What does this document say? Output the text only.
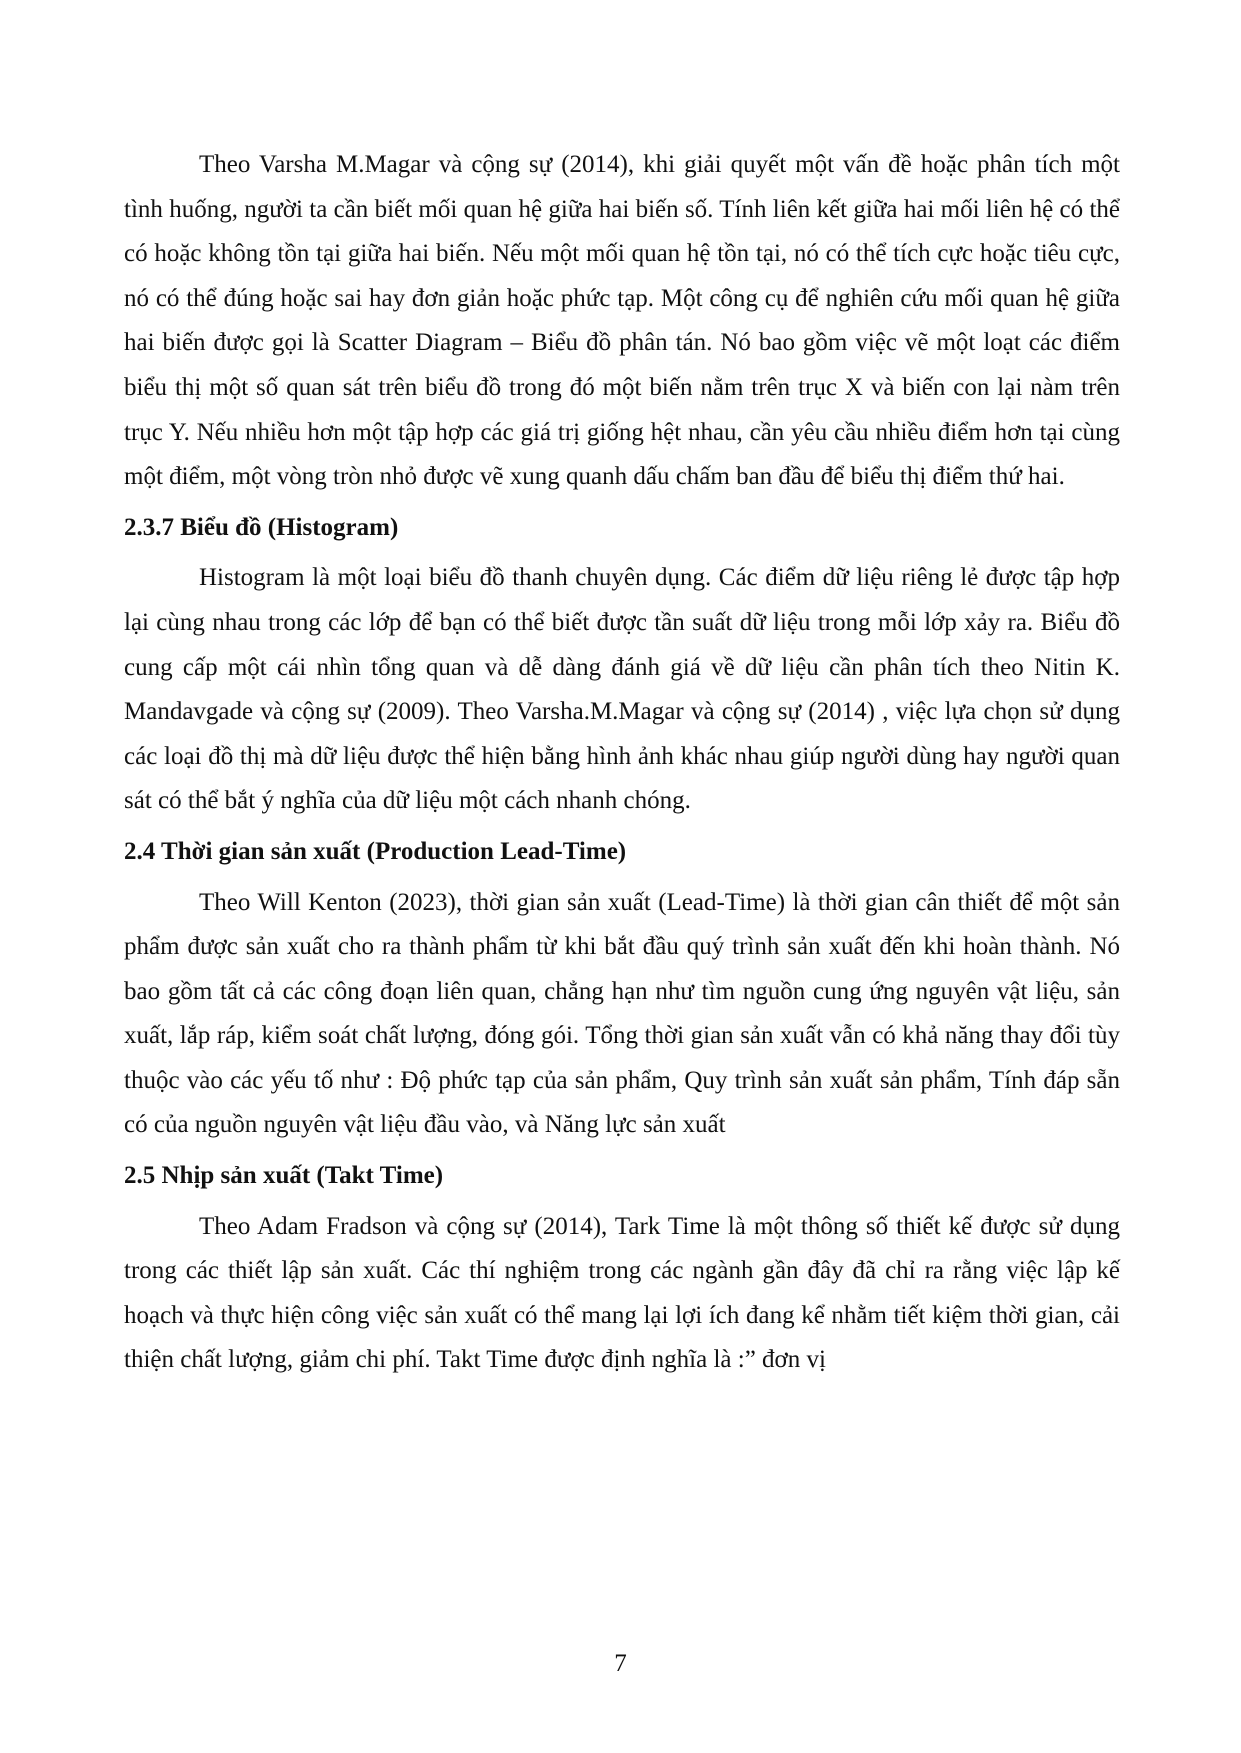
Theo Varsha M.Magar và cộng sự (2014), khi giải quyết một vấn đề hoặc phân tích một tình huống, người ta cần biết mối quan hệ giữa hai biến số. Tính liên kết giữa hai mối liên hệ có thể có hoặc không tồn tại giữa hai biến. Nếu một mối quan hệ tồn tại, nó có thể tích cực hoặc tiêu cực, nó có thể đúng hoặc sai hay đơn giản hoặc phức tạp. Một công cụ để nghiên cứu mối quan hệ giữa hai biến được gọi là Scatter Diagram – Biểu đồ phân tán. Nó bao gồm việc vẽ một loạt các điểm biểu thị một số quan sát trên biểu đồ trong đó một biến nằm trên trục X và biến con lại nàm trên trục Y. Nếu nhiều hơn một tập hợp các giá trị giống hệt nhau, cần yêu cầu nhiều điểm hơn tại cùng một điểm, một vòng tròn nhỏ được vẽ xung quanh dấu chấm ban đầu để biểu thị điểm thứ hai.

2.3.7 Biểu đồ (Histogram)

Histogram là một loại biểu đồ thanh chuyên dụng. Các điểm dữ liệu riêng lẻ được tập hợp lại cùng nhau trong các lớp để bạn có thể biết được tần suất dữ liệu trong mỗi lớp xảy ra. Biểu đồ cung cấp một cái nhìn tổng quan và dễ dàng đánh giá về dữ liệu cần phân tích theo Nitin K. Mandavgade và cộng sự (2009). Theo Varsha.M.Magar và cộng sự (2014) , việc lựa chọn sử dụng các loại đồ thị mà dữ liệu được thể hiện bằng hình ảnh khác nhau giúp người dùng hay người quan sát có thể bắt ý nghĩa của dữ liệu một cách nhanh chóng.

2.4 Thời gian sản xuất (Production Lead-Time)

Theo Will Kenton (2023), thời gian sản xuất (Lead-Time) là thời gian cân thiết để một sản phẩm được sản xuất cho ra thành phẩm từ khi bắt đầu quý trình sản xuất đến khi hoàn thành. Nó bao gồm tất cả các công đoạn liên quan, chẳng hạn như tìm nguồn cung ứng nguyên vật liệu, sản xuất, lắp ráp, kiểm soát chất lượng, đóng gói. Tổng thời gian sản xuất vẫn có khả năng thay đổi tùy thuộc vào các yếu tố như : Độ phức tạp của sản phẩm, Quy trình sản xuất sản phẩm, Tính đáp sẵn có của nguồn nguyên vật liệu đầu vào, và Năng lực sản xuất

2.5 Nhịp sản xuất (Takt Time)

Theo Adam Fradson và cộng sự (2014), Tark Time là một thông số thiết kế được sử dụng trong các thiết lập sản xuất. Các thí nghiệm trong các ngành gần đây đã chỉ ra rằng việc lập kế hoạch và thực hiện công việc sản xuất có thể mang lại lợi ích đang kể nhằm tiết kiệm thời gian, cải thiện chất lượng, giảm chi phí. Takt Time được định nghĩa là :” đơn vị

7
